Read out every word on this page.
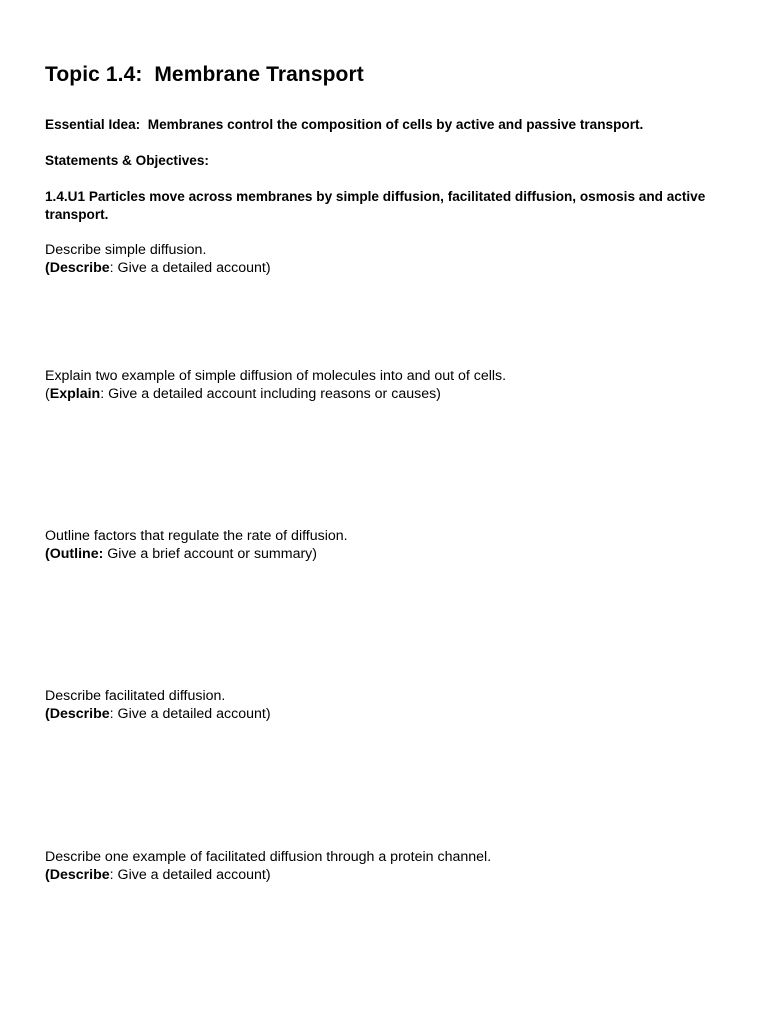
Topic 1.4:  Membrane Transport

Essential Idea:  Membranes control the composition of cells by active and passive transport.

Statements & Objectives:

1.4.U1 Particles move across membranes by simple diffusion, facilitated diffusion, osmosis and active transport.

Describe simple diffusion.

(Describe: Give a detailed account)

Explain two example of simple diffusion of molecules into and out of cells.

(Explain: Give a detailed account including reasons or causes)

Outline factors that regulate the rate of diffusion.

(Outline: Give a brief account or summary)

Describe facilitated diffusion.

(Describe: Give a detailed account)

Describe one example of facilitated diffusion through a protein channel.

(Describe: Give a detailed account)
